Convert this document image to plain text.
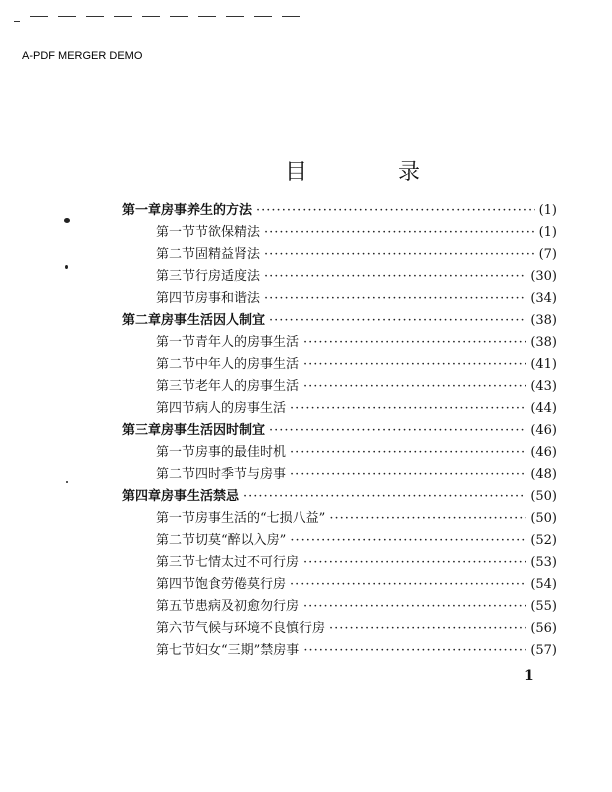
A-PDF MERGER DEMO
目 录
第一章 房事养生的方法 ·····	(1)
第一节 节欲保精法 ·····	(1)
第二节 固精益肾法 ·····	(7)
第三节 行房适度法 ·····	(30)
第四节 房事和谐法 ·····	(34)
第二章 房事生活因人制宜 ·····	(38)
第一节 青年人的房事生活 ·····	(38)
第二节 中年人的房事生活 ·····	(41)
第三节 老年人的房事生活 ·····	(43)
第四节 病人的房事生活 ·····	(44)
第三章 房事生活因时制宜 ·····	(46)
第一节 房事的最佳时机 ·····	(46)
第二节 四时季节与房事 ·····	(48)
第四章 房事生活禁忌 ·····	(50)
第一节 房事生活的“七损八益” ·····	(50)
第二节 切莫“醉以入房” ·····	(52)
第三节 七情太过不可行房 ·····	(53)
第四节 饱食劳倦莫行房 ·····	(54)
第五节 患病及初愈勿行房 ·····	(55)
第六节 气候与环境不良慎行房 ·····	(56)
第七节 妇女“三期”禁房事 ·····	(57)
1
